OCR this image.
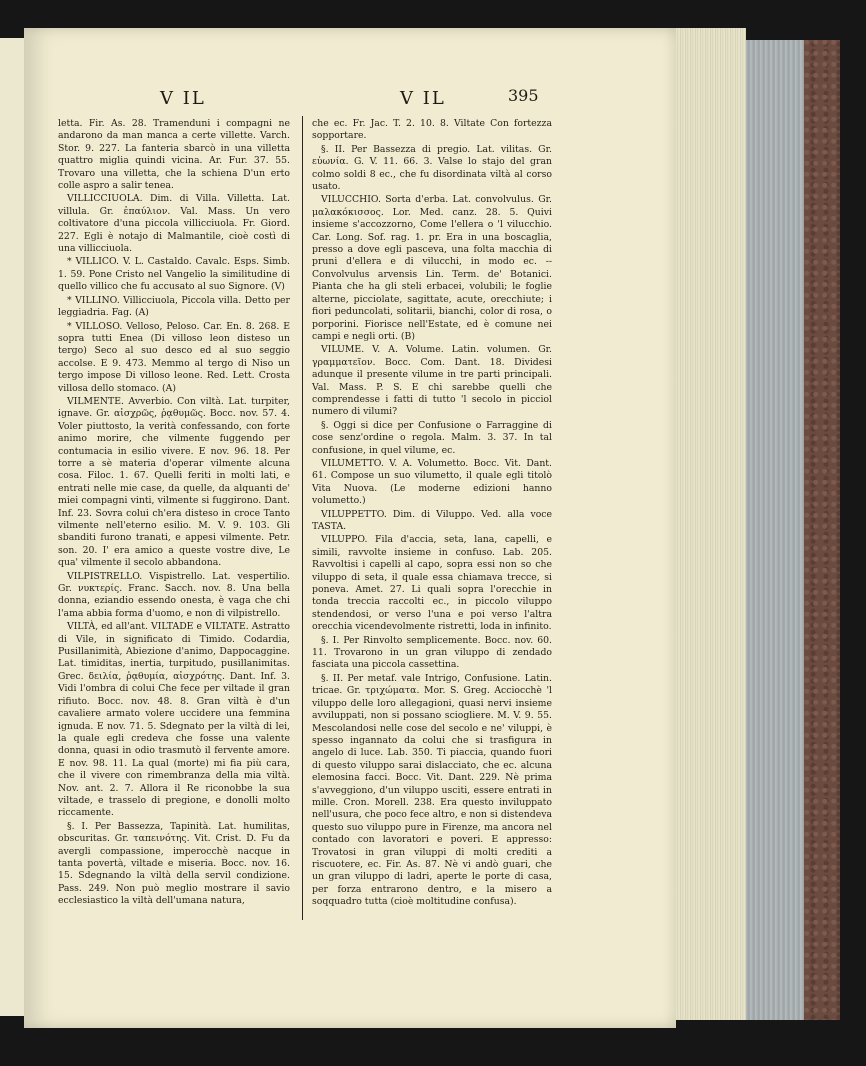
V IL	V IL	395

letta. Fir. As. 28. Tramenduni i compagni ne andarono da man manca a certe villette. Varch. Stor. 9. 227. La fanteria sbarcò in una villetta quattro miglia quindi vicina. Ar. Fur. 37. 55. Trovaro una villetta, che la schiena D'un erto colle aspro a salir tenea.

VILLICCIUOLA. Dim. di Villa. Villetta. Lat. villula. Gr. ἐπαύλιον. Val. Mass. Un vero coltivatore d'una piccola villicciuola. Fr. Giord. 227. Egli è notajo di Malmantile, cioè costì di una villicciuola.

* VILLICO. V. L. Castaldo. Cavalc. Esps. Simb. 1. 59. Pone Cristo nel Vangelio la similitudine di quello villico che fu accusato al suo Signore. (V)

* VILLINO. Villicciuola, Piccola villa. Detto per leggiadria. Fag. (A)

* VILLOSO. Velloso, Peloso. Car. En. 8. 268. E sopra tutti Enea (Di villoso leon disteso un tergo) Seco al suo desco ed al suo seggio accolse. E 9. 473. Memmo al tergo di Niso un tergo impose Di villoso leone. Red. Lett. Crosta villosa dello stomaco. (A)

VILMENTE. Avverbio. Con viltà. Lat. turpiter, ignave. Gr. αἰσχρῶς, ῥᾳθυμῶς. Bocc. nov. 57. 4. Voler piuttosto, la verità confessando, con forte animo morire, che vilmente fuggendo per contumacia in esilio vivere. E nov. 96. 18. Per torre a sè materia d'operar vilmente alcuna cosa. Filoc. 1. 67. Quelli feriti in molti lati, e entrati nelle mie case, da quelle, da alquanti de' miei compagni vinti, vilmente si fuggirono. Dant. Inf. 23. Sovra colui ch'era disteso in croce Tanto vilmente nell'eterno esilio. M. V. 9. 103. Gli sbanditi furono tranati, e appesi vilmente. Petr. son. 20. I' era amico a queste vostre dive, Le qua' vilmente il secolo abbandona.

VILPISTRELLO. Vispistrello. Lat. vespertilio. Gr. νυκτερίς. Franc. Sacch. nov. 8. Una bella donna, eziandio essendo onesta, è vaga che chi l'ama abbia forma d'uomo, e non di vilpistrello.

VILTÀ, ed all'ant. VILTADE e VILTATE. Astratto di Vile, in significato di Timido. Codardia, Pusillanimità, Abiezione d'animo, Dappocaggine. Lat. timiditas, inertia, turpitudo, pusillanimitas. Grec. δειλία, ῥᾳθυμία, αἰσχρότης. Dant. Inf. 3. Vidi l'ombra di colui Che fece per viltade il gran rifiuto. Bocc. nov. 48. 8. Gran viltà è d'un cavaliere armato volere uccidere una femmina ignuda. E nov. 71. 5. Sdegnato per la viltà di lei, la quale egli credeva che fosse una valente donna, quasi in odio trasmutò il fervente amore. E nov. 98. 11. La qual (morte) mi fia più cara, che il vivere con rimembranza della mia viltà. Nov. ant. 2. 7. Allora il Re riconobbe la sua viltade, e trasselo di pregione, e donolli molto riccamente.

§. I. Per Bassezza, Tapinità. Lat. humilitas, obscuritas. Gr. ταπεινότης. Vit. Crist. D. Fu da avergli compassione, imperocchè nacque in tanta povertà, viltade e miseria. Bocc. nov. 16. 15. Sdegnando la viltà della servil condizione. Pass. 249. Non può meglio mostrare il savio ecclesiastico la viltà dell'umana natura,

che ec. Fr. Jac. T. 2. 10. 8. Viltate Con fortezza sopportare.

§. II. Per Bassezza di pregio. Lat. vilitas. Gr. εὐωνία. G. V. 11. 66. 3. Valse lo stajo del gran colmo soldi 8 ec., che fu disordinata viltà al corso usato.

VILUCCHIO. Sorta d'erba. Lat. convolvulus. Gr. μαλακόκισσος. Lor. Med. canz. 28. 5. Quivi insieme s'accozzorno, Come l'ellera o 'l vilucchio. Car. Long. Sof. rag. 1. pr. Era in una boscaglia, presso a dove egli pasceva, una folta macchia di pruni d'ellera e di vilucchi, in modo ec. -- Convolvulus arvensis Lin. Term. de' Botanici. Pianta che ha gli steli erbacei, volubili; le foglie alterne, picciolate, sagittate, acute, orecchiute; i fiori peduncolati, solitarii, bianchi, color di rosa, o porporini. Fiorisce nell'Estate, ed è comune nei campi e negli orti. (B)

VILUME. V. A. Volume. Latin. volumen. Gr. γραμματεῖον. Bocc. Com. Dant. 18. Dividesi adunque il presente vilume in tre parti principali. Val. Mass. P. S. E chi sarebbe quelli che comprendesse i fatti di tutto 'l secolo in picciol numero di vilumi?

§. Oggi si dice per Confusione o Farraggine di cose senz'ordine o regola. Malm. 3. 37. In tal confusione, in quel vilume, ec.

VILUMETTO. V. A. Volumetto. Bocc. Vit. Dant. 61. Compose un suo vilumetto, il quale egli titolò Vita Nuova. (Le moderne edizioni hanno volumetto.)

VILUPPETTO. Dim. di Viluppo. Ved. alla voce TASTA.

VILUPPO. Fila d'accia, seta, lana, capelli, e simili, ravvolte insieme in confuso. Lab. 205. Ravvoltisi i capelli al capo, sopra essi non so che viluppo di seta, il quale essa chiamava trecce, si poneva. Amet. 27. Li quali sopra l'orecchie in tonda treccia raccolti ec., in piccolo viluppo stendendosi, or verso l'una e poi verso l'altra orecchia vicendevolmente ristretti, loda in infinito.

§. I. Per Rinvolto semplicemente. Bocc. nov. 60. 11. Trovarono in un gran viluppo di zendado fasciata una piccola cassettina.

§. II. Per metaf. vale Intrigo, Confusione. Latin. tricae. Gr. τριχώματα. Mor. S. Greg. Acciocchè 'l viluppo delle loro allegagioni, quasi nervi insieme avviluppati, non si possano sciogliere. M. V. 9. 55. Mescolandosi nelle cose del secolo e ne' viluppi, è spesso ingannato da colui che si trasfigura in angelo di luce. Lab. 350. Ti piaccia, quando fuori di questo viluppo sarai dislacciato, che ec. alcuna elemosina facci. Bocc. Vit. Dant. 229. Nè prima s'avveggiono, d'un viluppo usciti, essere entrati in mille. Cron. Morell. 238. Era questo inviluppato nell'usura, che poco fece altro, e non si distendeva questo suo viluppo pure in Firenze, ma ancora nel contado con lavoratori e poveri. E appresso: Trovatosi in gran viluppi di molti crediti a riscuotere, ec. Fir. As. 87. Nè vi andò guari, che un gran viluppo di ladri, aperte le porte di casa, per forza entrarono dentro, e la misero a soqquadro tutta (cioè moltitudine confusa).
